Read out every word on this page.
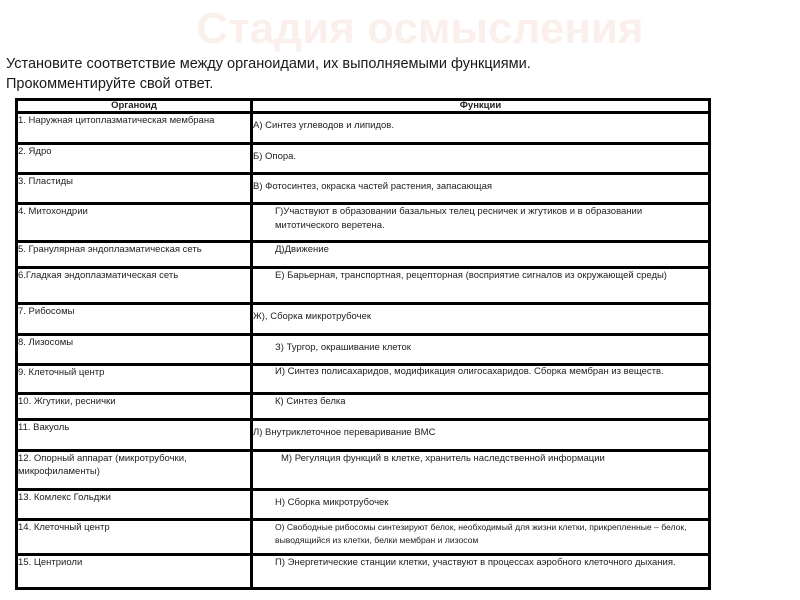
Стадия осмысления
Установите соответствие между органоидами, их выполняемыми функциями.
Прокомментируйте свой ответ.
Органоид	Функции
1. Наружная цитоплазматическая мембрана	А) Синтез углеводов и липидов.
2. Ядро	Б) Опора.
3. Пластиды	В) Фотосинтез, окраска частей растения, запасающая
4. Митохондрии	Г)Участвуют в образовании базальных телец ресничек и жгутиков и в образовании митотического веретена.
5. Гранулярная эндоплазматическая сеть	Д)Движение
6.Гладкая эндоплазматическая сеть	Е) Барьерная, транспортная, рецепторная (восприятие сигналов из окружающей среды)
7. Рибосомы	Ж), Сборка микротрубочек
8. Лизосомы	З) Тургор, окрашивание клеток
9. Клеточный центр	И) Синтез полисахаридов, модификация олигосахаридов. Сборка мембран из веществ.
10. Жгутики, реснички	К) Синтез белка
11. Вакуоль	Л) Внутриклеточное переваривание ВМС
12. Опорный аппарат (микротрубочки, микрофиламенты)	М) Регуляция функций в клетке, хранитель наследственной информации
13. Комлекс Гольджи	Н) Сборка микротрубочек
14. Клеточный центр	О) Свободные рибосомы синтезируют белок, необходимый для жизни клетки, прикрепленные – белок, выводящийся из клетки, белки мембран и лизосом
15. Центриоли	П) Энергетические станции клетки, участвуют в процессах аэробного клеточного дыхания.
